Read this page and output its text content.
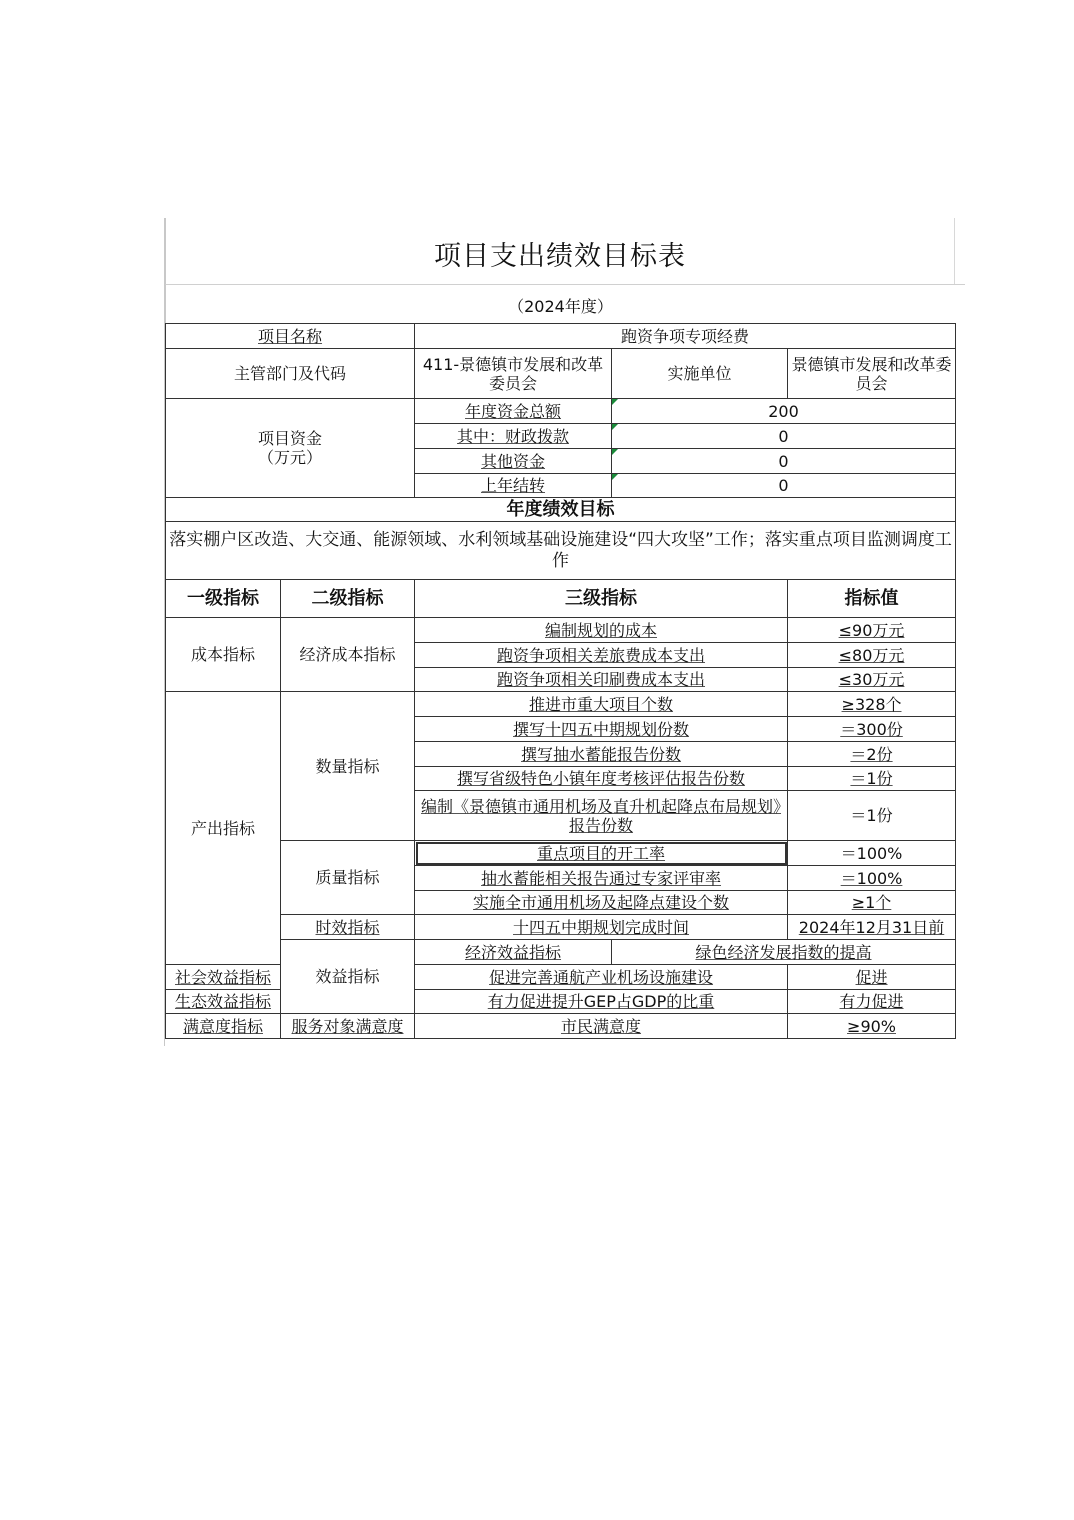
项目支出绩效目标表
（2024年度）
项目名称		跑资争项专项经费			
主管部门及代码		411-景德镇市发展和改革委员会	实施单位	景德镇市发展和改革委员会	

项目资金
（万元）		年度资金总额	200		
		其中：财政拨款	0		
		其他资金	0		
		上年结转	0		
年度绩效目标					
落实棚户区改造、大交通、能源领域、水利领域基础设施建设“四大攻坚”工作；落实重点项目监测调度工作					
一级指标	二级指标	三级指标		指标值	
成本指标	经济成本指标	编制规划的成本		≤90万元	
		跑资争项相关差旅费成本支出		≤80万元	
		跑资争项相关印刷费成本支出		≤30万元	
产出指标	数量指标	推进市重大项目个数		≥328个	
		撰写十四五中期规划份数		＝300份	
		撰写抽水蓄能报告份数		＝2份	
		撰写省级特色小镇年度考核评估报告份数		＝1份	
		编制《景德镇市通用机场及直升机起降点布局规划》报告份数		＝1份	
	质量指标	重点项目的开工率		＝100%	
		抽水蓄能相关报告通过专家评审率		＝100%	
		实施全市通用机场及起降点建设个数		≥1个	
	时效指标	十四五中期规划完成时间		2024年12月31日前	
	效益指标	经济效益指标	绿色经济发展指数的提高	
社会效益指标		促进完善通航产业机场设施建设		促进	
生态效益指标		有力促进提升GEP占GDP的比重		有力促进	
满意度指标	服务对象满意度	市民满意度		≥90%	
